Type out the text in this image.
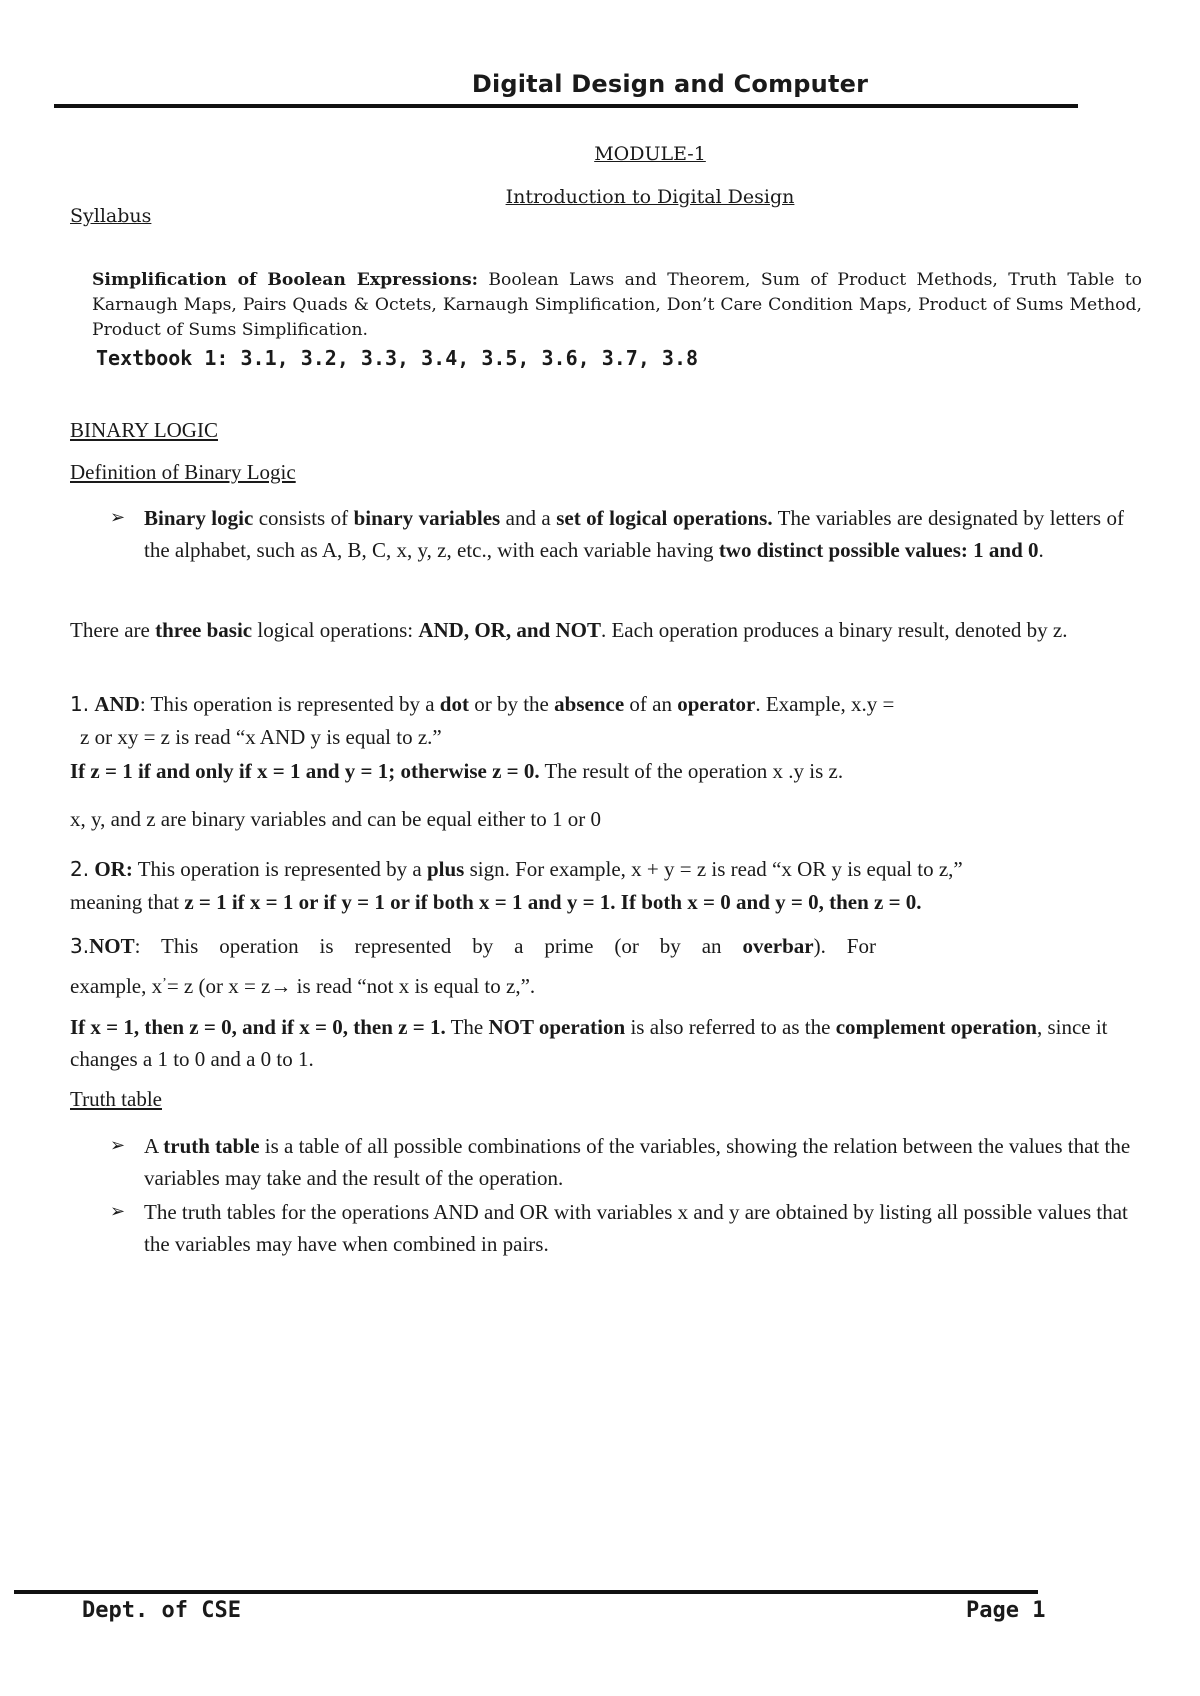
Digital Design and Computer
MODULE-1
Introduction to Digital Design
Syllabus
Simplification of Boolean Expressions: Boolean Laws and Theorem, Sum of Product Methods, Truth Table to Karnaugh Maps, Pairs Quads & Octets, Karnaugh Simplification, Don’t Care Condition Maps, Product of Sums Method, Product of Sums Simplification.
Textbook 1: 3.1, 3.2, 3.3, 3.4, 3.5, 3.6, 3.7, 3.8
BINARY LOGIC
Definition of Binary Logic
➢ Binary logic consists of binary variables and a set of logical operations. The variables are designated by letters of the alphabet, such as A, B, C, x, y, z, etc., with each variable having two distinct possible values: 1 and 0.
There are three basic logical operations: AND, OR, and NOT. Each operation produces a binary result, denoted by z.
1. AND: This operation is represented by a dot or by the absence of an operator. Example, x.y =
z or xy = z is read “x AND y is equal to z.”
If z = 1 if and only if x = 1 and y = 1; otherwise z = 0. The result of the operation x .y is z.
x, y, and z are binary variables and can be equal either to 1 or 0
2. OR: This operation is represented by a plus sign. For example, x + y = z is read “x OR y is equal to z,”
meaning that z = 1 if x = 1 or if y = 1 or if both x = 1 and y = 1. If both x = 0 and y = 0, then z = 0.
3.NOT: This operation is represented by a prime (or by an overbar). For
example, x’= z (or x = z→ is read “not x is equal to z,”.
If x = 1, then z = 0, and if x = 0, then z = 1. The NOT operation is also referred to as the complement operation, since it changes a 1 to 0 and a 0 to 1.
Truth table
➢ A truth table is a table of all possible combinations of the variables, showing the relation between the values that the variables may take and the result of the operation.
➢ The truth tables for the operations AND and OR with variables x and y are obtained by listing all possible values that the variables may have when combined in pairs.
Dept. of CSE	Page 1
